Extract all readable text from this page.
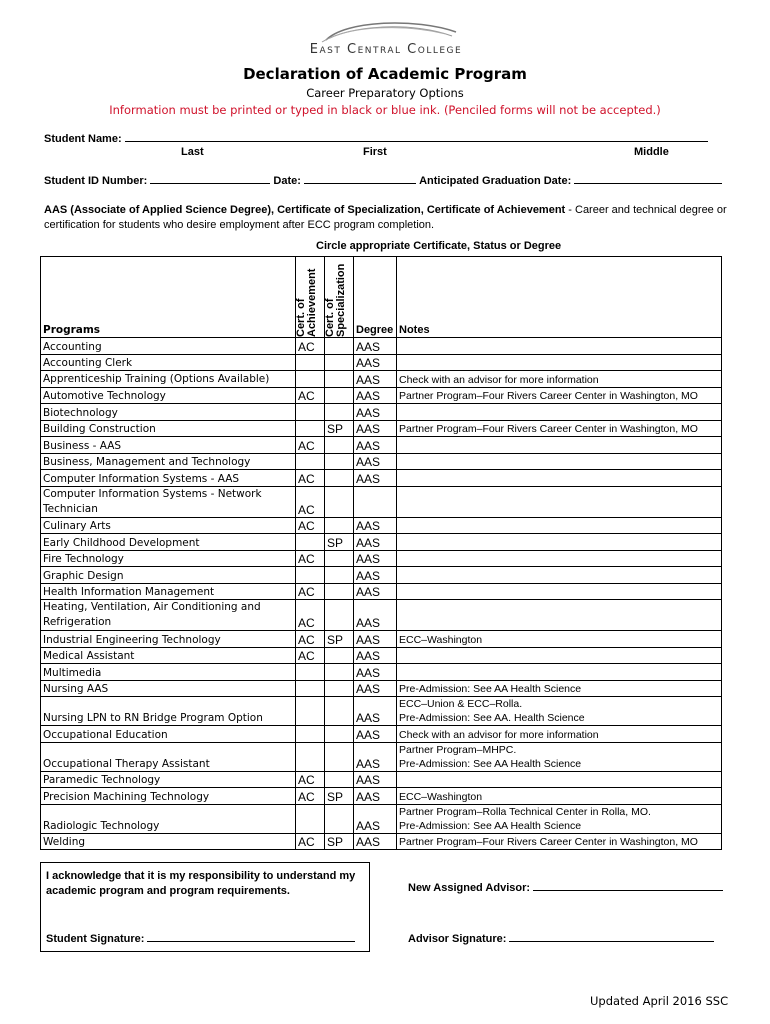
East Central College
Declaration of Academic Program
Career Preparatory Options
Information must be printed or typed in black or blue ink. (Penciled forms will not be accepted.)
Student Name:
Last	First	Middle
Student ID Number:	Date:	Anticipated Graduation Date:
AAS (Associate of Applied Science Degree), Certificate of Specialization, Certificate of Achievement - Career and technical degree or certification for students who desire employment after ECC program completion.
Circle appropriate Certificate, Status or Degree
Programs	Cert. of Achievement	Cert. of Specialization	Degree	Notes
Accounting	AC		AAS	
Accounting Clerk			AAS	
Apprenticeship Training (Options Available)			AAS	Check with an advisor for more information
Automotive Technology	AC		AAS	Partner Program–Four Rivers Career Center in Washington, MO
Biotechnology			AAS	
Building Construction		SP	AAS	Partner Program–Four Rivers Career Center in Washington, MO
Business - AAS	AC		AAS	
Business, Management and Technology			AAS	
Computer Information Systems - AAS	AC		AAS	
Computer Information Systems - Network Technician	AC			
Culinary Arts	AC		AAS	
Early Childhood Development		SP	AAS	
Fire Technology	AC		AAS	
Graphic Design			AAS	
Health Information Management	AC		AAS	
Heating, Ventilation, Air Conditioning and Refrigeration	AC		AAS	
Industrial Engineering Technology	AC	SP	AAS	ECC–Washington
Medical Assistant	AC		AAS	
Multimedia			AAS	
Nursing AAS			AAS	Pre-Admission: See AA Health Science
Nursing LPN to RN Bridge Program Option			AAS	ECC–Union & ECC–Rolla.
Pre-Admission: See AA. Health Science
Occupational Education			AAS	Check with an advisor for more information
Occupational Therapy Assistant			AAS	Partner Program–MHPC.
Pre-Admission: See AA Health Science
Paramedic Technology	AC		AAS	
Precision Machining Technology	AC	SP	AAS	ECC–Washington
Radiologic Technology			AAS	Partner Program–Rolla Technical Center in Rolla, MO.
Pre-Admission: See AA Health Science
Welding	AC	SP	AAS	Partner Program–Four Rivers Career Center in Washington, MO
I acknowledge that it is my responsibility to understand my academic program and program requirements.
Student Signature:
New Assigned Advisor:
Advisor Signature:
Updated April 2016 SSC
